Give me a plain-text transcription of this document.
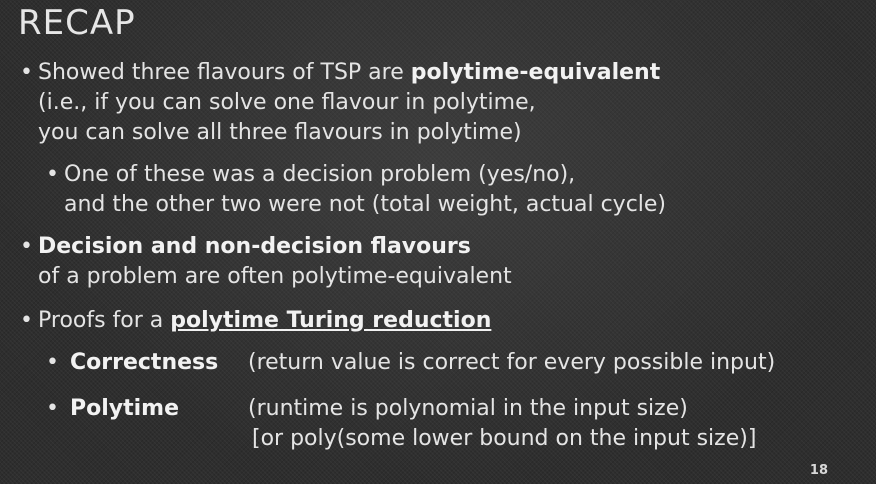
RECAP
• Showed three flavours of TSP are polytime-equivalent
(i.e., if you can solve one flavour in polytime,
you can solve all three flavours in polytime)
• One of these was a decision problem (yes/no),
and the other two were not (total weight, actual cycle)
• Decision and non-decision flavours
of a problem are often polytime-equivalent
• Proofs for a polytime Turing reduction
• Correctness (return value is correct for every possible input)
• Polytime	(runtime is polynomial in the input size)
[or poly(some lower bound on the input size)]
18
